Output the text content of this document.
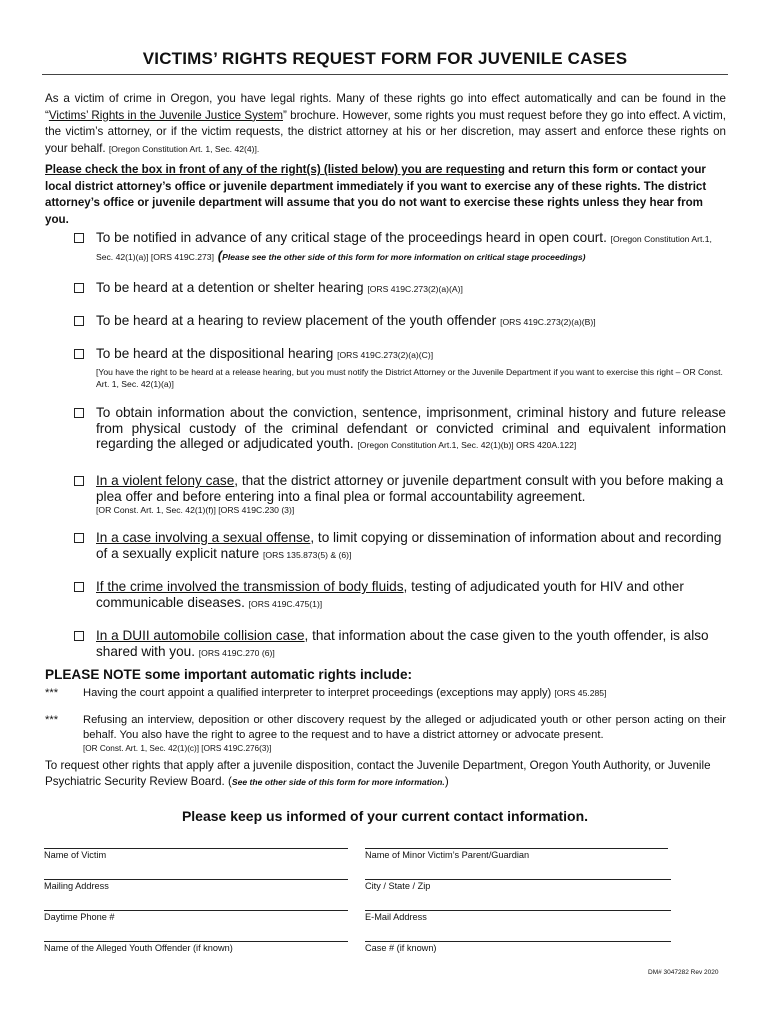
VICTIMS’ RIGHTS REQUEST FORM FOR JUVENILE CASES
As a victim of crime in Oregon, you have legal rights. Many of these rights go into effect automatically and can be found in the “Victims’ Rights in the Juvenile Justice System” brochure. However, some rights you must request before they go into effect. A victim, the victim’s attorney, or if the victim requests, the district attorney at his or her discretion, may assert and enforce these rights on your behalf. [Oregon Constitution Art. 1, Sec. 42(4)].
Please check the box in front of any of the right(s) (listed below) you are requesting and return this form or contact your local district attorney’s office or juvenile department immediately if you want to exercise any of these rights. The district attorney’s office or juvenile department will assume that you do not want to exercise these rights unless they hear from you.
To be notified in advance of any critical stage of the proceedings heard in open court. [Oregon Constitution Art.1, Sec. 42(1)(a)] [ORS 419C.273] (Please see the other side of this form for more information on critical stage proceedings)
To be heard at a detention or shelter hearing [ORS 419C.273(2)(a)(A)]
To be heard at a hearing to review placement of the youth offender [ORS 419C.273(2)(a)(B)]
To be heard at the dispositional hearing [ORS 419C.273(2)(a)(C)]
[You have the right to be heard at a release hearing, but you must notify the District Attorney or the Juvenile Department if you want to exercise this right – OR Const. Art. 1, Sec. 42(1)(a)]
To obtain information about the conviction, sentence, imprisonment, criminal history and future release from physical custody of the criminal defendant or convicted criminal and equivalent information regarding the alleged or adjudicated youth. [Oregon Constitution Art.1, Sec. 42(1)(b)] ORS 420A.122]
In a violent felony case, that the district attorney or juvenile department consult with you before making a plea offer and before entering into a final plea or formal accountability agreement.
[OR Const. Art. 1, Sec. 42(1)(f)] [ORS 419C.230 (3)]
In a case involving a sexual offense, to limit copying or dissemination of information about and recording of a sexually explicit nature [ORS 135.873(5) & (6)]
If the crime involved the transmission of body fluids, testing of adjudicated youth for HIV and other communicable diseases. [ORS 419C.475(1)]
In a DUII automobile collision case, that information about the case given to the youth offender, is also shared with you. [ORS 419C.270 (6)]
PLEASE NOTE some important automatic rights include:
***	Having the court appoint a qualified interpreter to interpret proceedings (exceptions may apply) [ORS 45.285]
***	Refusing an interview, deposition or other discovery request by the alleged or adjudicated youth or other person acting on their behalf. You also have the right to agree to the request and to have a district attorney or advocate present.
[OR Const. Art. 1, Sec. 42(1)(c)] [ORS 419C.276(3)]
To request other rights that apply after a juvenile disposition, contact the Juvenile Department, Oregon Youth Authority, or Juvenile Psychiatric Security Review Board. (See the other side of this form for more information.)
Please keep us informed of your current contact information.
Name of Victim	Name of Minor Victim’s Parent/Guardian
Mailing Address	City / State / Zip
Daytime Phone #	E-Mail Address
Name of the Alleged Youth Offender (if known)	Case # (if known)
DM# 3047282 Rev 2020
